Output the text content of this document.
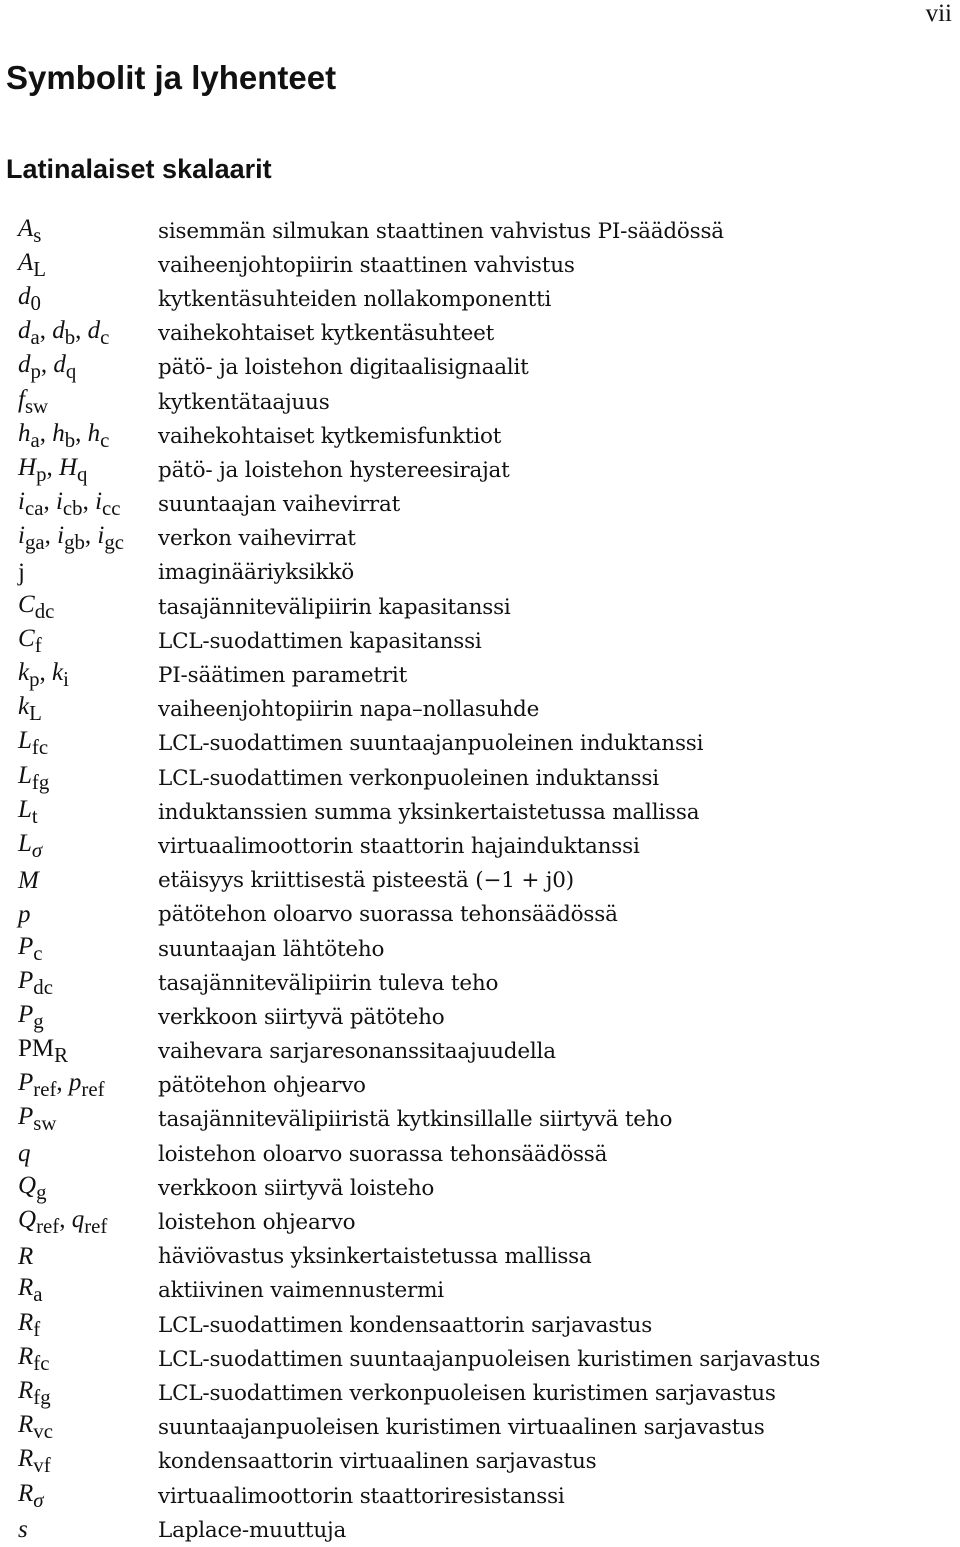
vii
Symbolit ja lyhenteet
Latinalaiset skalaarit
$A_s$	sisemmän silmukan staattinen vahvistus PI-säädössä
$A_L$	vaiheenjohtopiirin staattinen vahvistus
$d_0$	kytkentäsuhteiden nollakomponentti
$d_a$, $d_b$, $d_c$	vaihekohtaiset kytkentäsuhteet
$d_p$, $d_q$	pätö- ja loistehon digitaalisignaalit
$f_{sw}$	kytkentätaajuus
$h_a$, $h_b$, $h_c$	vaihekohtaiset kytkemisfunktiot
$H_p$, $H_q$	pätö- ja loistehon hystereesirajat
$i_{ca}$, $i_{cb}$, $i_{cc}$	suuntaajan vaihevirrat
$i_{ga}$, $i_{gb}$, $i_{gc}$	verkon vaihevirrat
j	imaginääriyksikkö
$C_{dc}$	tasajännitevälipiirin kapasitanssi
$C_f$	LCL-suodattimen kapasitanssi
$k_p$, $k_i$	PI-säätimen parametrit
$k_L$	vaiheenjohtopiirin napa–nollasuhde
$L_{fc}$	LCL-suodattimen suuntaajanpuoleinen induktanssi
$L_{fg}$	LCL-suodattimen verkonpuoleinen induktanssi
$L_t$	induktanssien summa yksinkertaistetussa mallissa
$L_\sigma$	virtuaalimoottorin staattorin hajainduktanssi
M	etäisyys kriittisestä pisteestä (−1 + j0)
p	pätötehon oloarvo suorassa tehonsäädössä
$P_c$	suuntaajan lähtöteho
$P_{dc}$	tasajännitevälipiirin tuleva teho
$P_g$	verkkoon siirtyvä pätöteho
$PM_R$	vaihevara sarjaresonanssitaajuudella
$P_{ref}$, $p_{ref}$	pätötehon ohjearvo
$P_{sw}$	tasajännitevälipiiristä kytkinsillalle siirtyvä teho
q	loistehon oloarvo suorassa tehonsäädössä
$Q_g$	verkkoon siirtyvä loisteho
$Q_{ref}$, $q_{ref}$	loistehon ohjearvo
R	häviövastus yksinkertaistetussa mallissa
$R_a$	aktiivinen vaimennustermi
$R_f$	LCL-suodattimen kondensaattorin sarjavastus
$R_{fc}$	LCL-suodattimen suuntaajanpuoleisen kuristimen sarjavastus
$R_{fg}$	LCL-suodattimen verkonpuoleisen kuristimen sarjavastus
$R_{vc}$	suuntaajanpuoleisen kuristimen virtuaalinen sarjavastus
$R_{vf}$	kondensaattorin virtuaalinen sarjavastus
$R_\sigma$	virtuaalimoottorin staattoriresistanssi
s	Laplace-muuttuja
